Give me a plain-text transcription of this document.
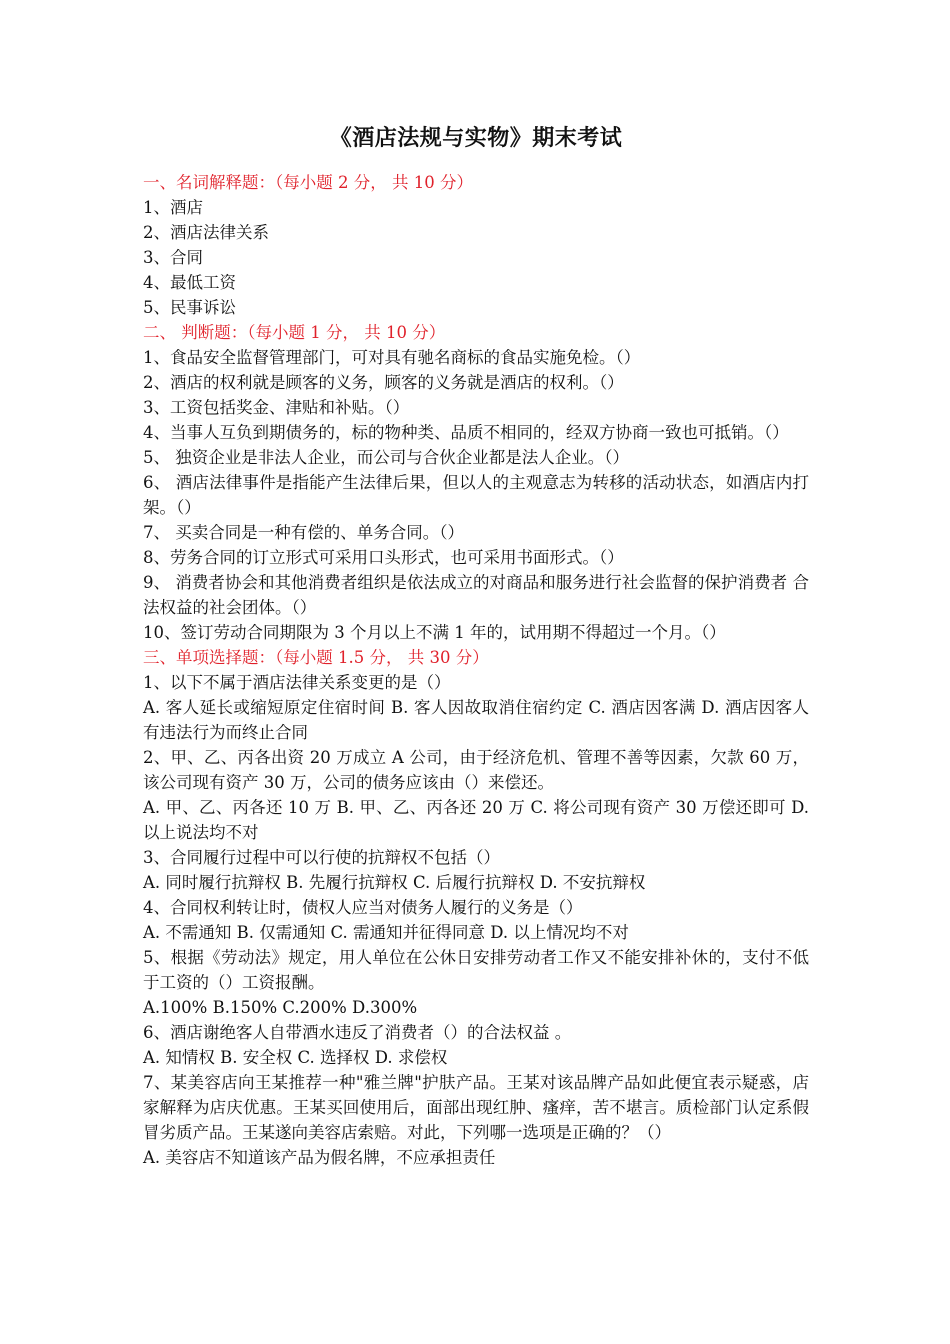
《酒店法规与实物》期末考试

一、名词解释题：（每小题 2 分， 共 10 分）

1、酒店

2、酒店法律关系

3、合同

4、最低工资

5、民事诉讼

二、 判断题：（每小题 1 分， 共 10 分）

1、食品安全监督管理部门，可对具有驰名商标的食品实施免检。（）

2、酒店的权利就是顾客的义务，顾客的义务就是酒店的权利。（）

3、工资包括奖金、津贴和补贴。（）

4、当事人互负到期债务的，标的物种类、品质不相同的，经双方协商一致也可抵销。（）

5、 独资企业是非法人企业，而公司与合伙企业都是法人企业。（）

6、 酒店法律事件是指能产生法律后果，但以人的主观意志为转移的活动状态，如酒店内打架。（）

7、 买卖合同是一种有偿的、单务合同。（）

8、劳务合同的订立形式可采用口头形式，也可采用书面形式。（）

9、 消费者协会和其他消费者组织是依法成立的对商品和服务进行社会监督的保护消费者 合法权益的社会团体。（）

10、签订劳动合同期限为 3 个月以上不满 1 年的，试用期不得超过一个月。（）

三、单项选择题：（每小题 1.5 分， 共 30 分）

1、以下不属于酒店法律关系变更的是（）

A. 客人延长或缩短原定住宿时间 B. 客人因故取消住宿约定 C. 酒店因客满 D. 酒店因客人有违法行为而终止合同

2、甲、乙、丙各出资 20 万成立 A 公司，由于经济危机、管理不善等因素，欠款 60 万，该公司现有资产 30 万，公司的债务应该由（）来偿还。

A. 甲、乙、丙各还 10 万 B. 甲、乙、丙各还 20 万 C. 将公司现有资产 30 万偿还即可 D. 以上说法均不对

3、合同履行过程中可以行使的抗辩权不包括（）

A. 同时履行抗辩权 B. 先履行抗辩权 C. 后履行抗辩权 D. 不安抗辩权

4、合同权利转让时，债权人应当对债务人履行的义务是（）

A. 不需通知 B. 仅需通知 C. 需通知并征得同意 D. 以上情况均不对

5、根据《劳动法》规定，用人单位在公休日安排劳动者工作又不能安排补休的，支付不低 于工资的（）工资报酬。

A.100% B.150% C.200% D.300%

6、酒店谢绝客人自带酒水违反了消费者（）的合法权益 。

A. 知情权 B. 安全权 C. 选择权 D. 求偿权

7、某美容店向王某推荐一种"雅兰牌"护肤产品。王某对该品牌产品如此便宜表示疑惑，店家解释为店庆优惠。王某买回使用后，面部出现红肿、瘙痒，苦不堪言。质检部门认定系假冒劣质产品。王某遂向美容店索赔。对此，下列哪一选项是正确的？（）

A. 美容店不知道该产品为假名牌，不应承担责任
